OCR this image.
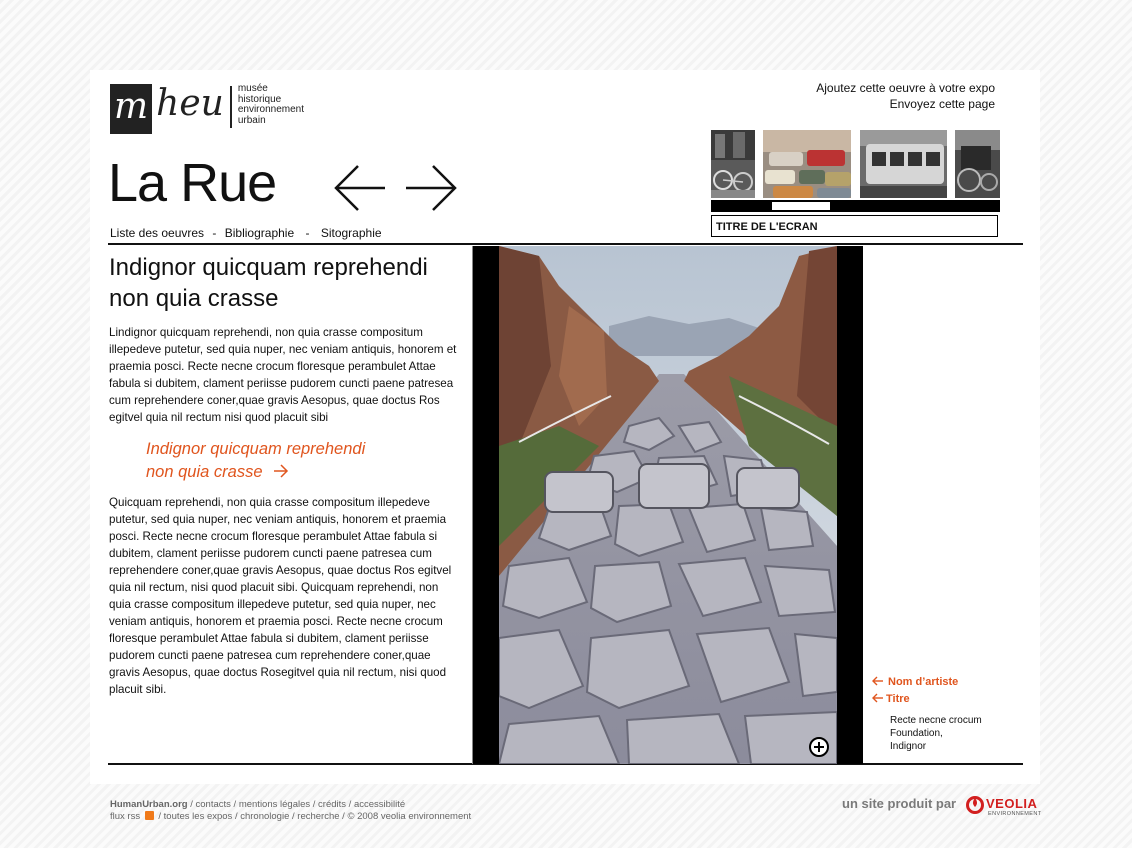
m heu musée
historique
environnement
urbain
Ajoutez cette oeuvre à votre expo
Envoyez cette page
La Rue
Liste des oeuvres - Bibliographie - Sitographie	TITRE DE L'ECRAN
Indignor quicquam reprehendi non quia crasse

Lindignor quicquam reprehendi, non quia crasse compositum illepedeve putetur, sed quia nuper, nec veniam antiquis, honorem et praemia posci. Recte necne crocum floresque perambulet Attae fabula si dubitem, clament periisse pudorem cuncti paene patresea cum reprehendere coner,quae gravis Aesopus, quae doctus Ros egitvel quia nil rectum nisi quod placuit sibi

Indignor quicquam reprehendi
non quia crasse

Quicquam reprehendi, non quia crasse compositum illepedeve putetur, sed quia nuper, nec veniam antiquis, honorem et praemia posci. Recte necne crocum floresque perambulet Attae fabula si dubitem, clament periisse pudorem cuncti paene patresea cum reprehendere coner,quae gravis Aesopus, quae doctus Ros egitvel quia nil rectum, nisi quod placuit sibi. Quicquam reprehendi, non quia crasse compositum illepedeve putetur, sed quia nuper, nec veniam antiquis, honorem et praemia posci. Recte necne crocum floresque perambulet Attae fabula si dubitem, clament periisse pudorem cuncti paene patresea cum reprehendere coner,quae gravis Aesopus, quae doctus Rosegitvel quia nil rectum, nisi quod placuit sibi.

Nom d’artiste
Titre
Recte necne crocum
Foundation,
Indignor
HumanUrban.org / contacts / mentions légales / crédits / accessibilité
flux rss  / toutes les expos / chronologie / recherche / © 2008 veolia environnement
un site produit par VEOLIA
ENVIRONNEMENT
